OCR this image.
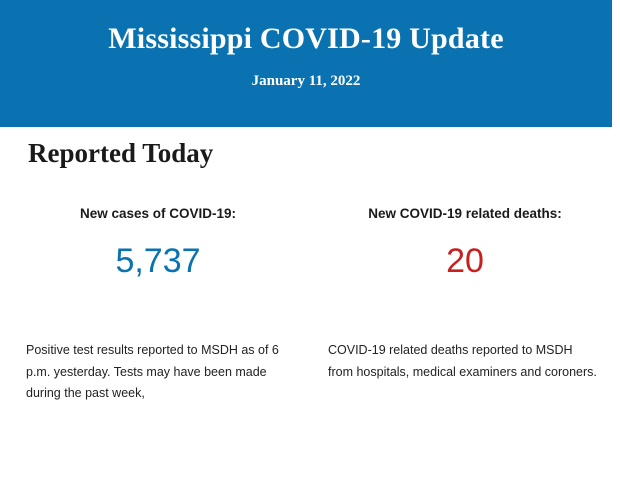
Mississippi COVID-19 Update

January 11, 2022

Reported Today
New cases of COVID-19:
5,737
New COVID-19 related deaths:
20
Positive test results reported to MSDH as of 6 p.m. yesterday. Tests may have been made during the past week,
COVID-19 related deaths reported to MSDH from hospitals, medical examiners and coroners.
